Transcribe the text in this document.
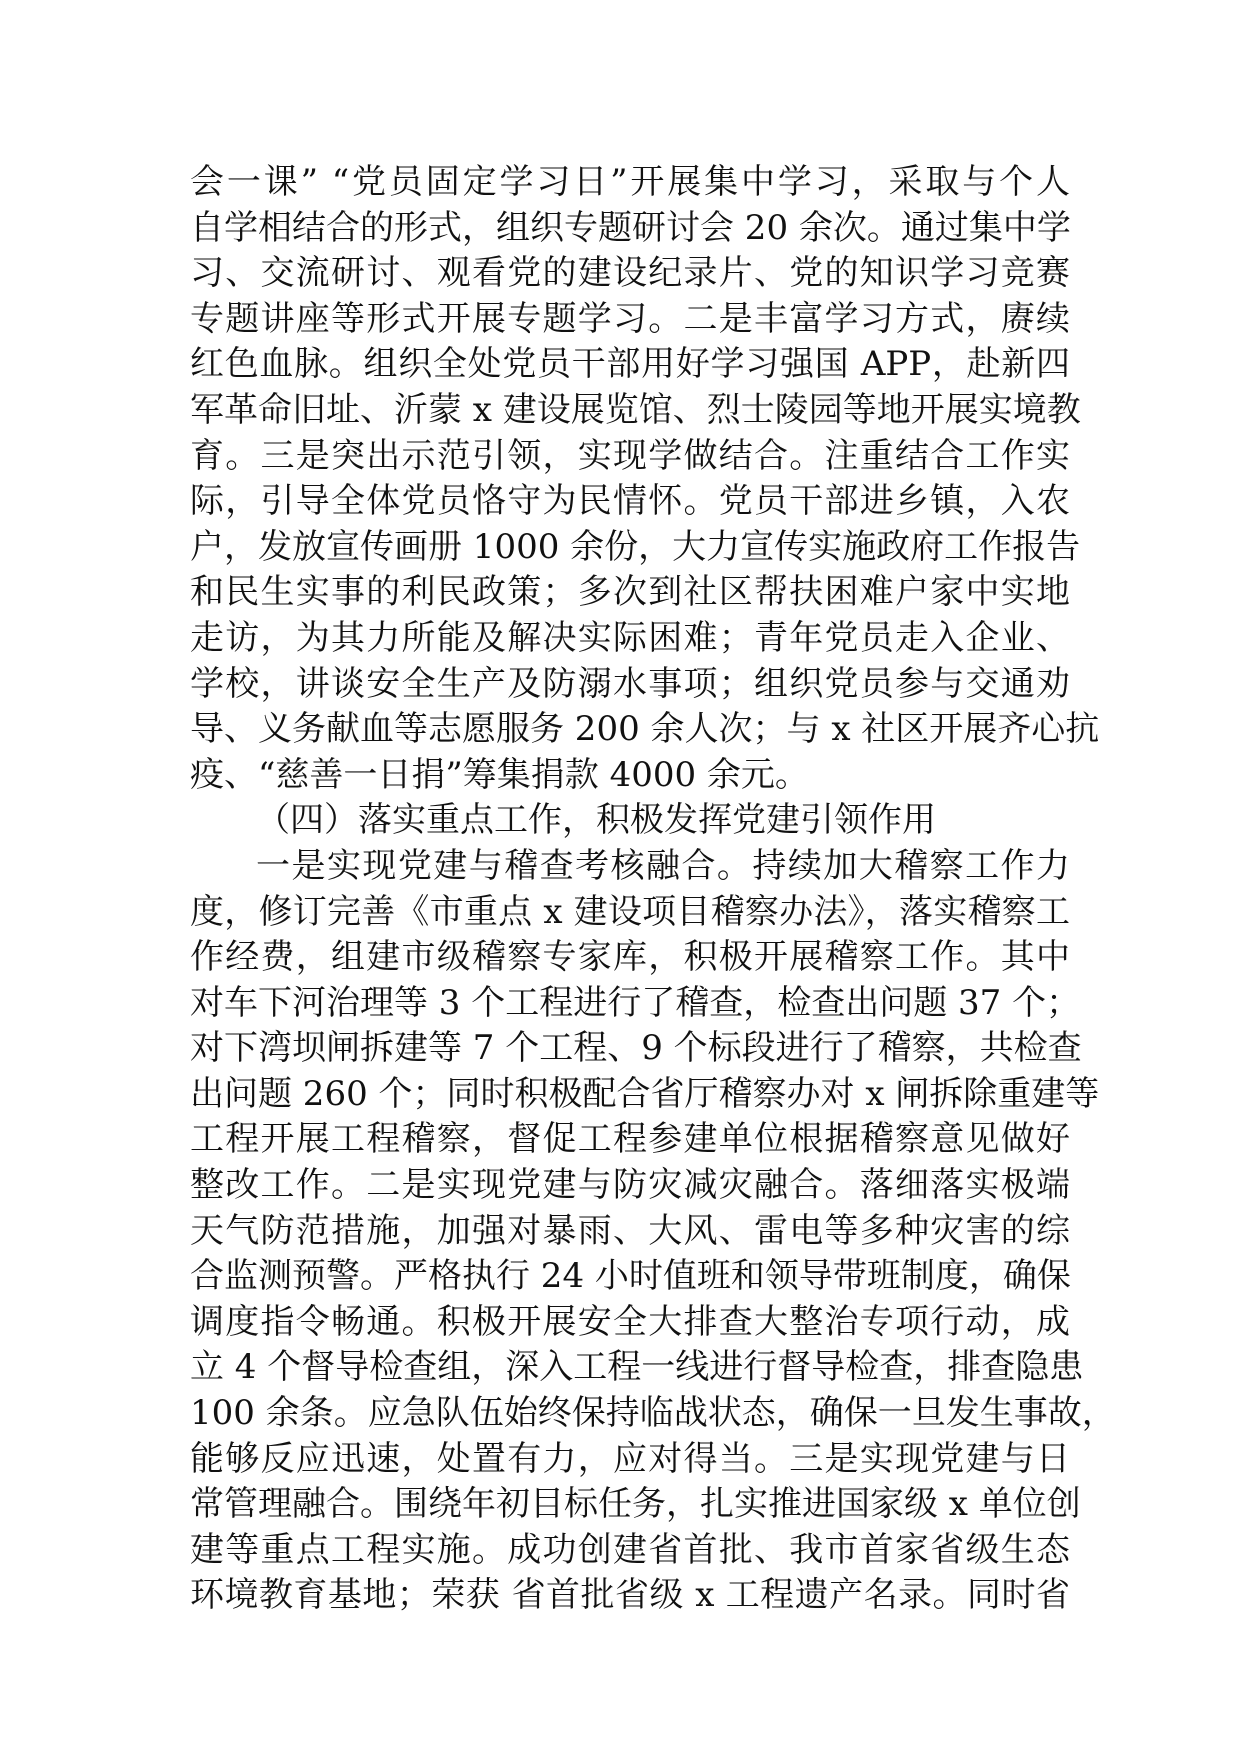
会一课” “党员固定学习日”开展集中学习，采取与个人
自学相结合的形式，组织专题研讨会 20 余次。通过集中学
习、交流研讨、观看党的建设纪录片、党的知识学习竞赛
专题讲座等形式开展专题学习。二是丰富学习方式，赓续
红色血脉。组织全处党员干部用好学习强国 APP，赴新四
军革命旧址、沂蒙 x 建设展览馆、烈士陵园等地开展实境教
育。三是突出示范引领，实现学做结合。注重结合工作实
际，引导全体党员恪守为民情怀。党员干部进乡镇，入农
户，发放宣传画册 1000 余份，大力宣传实施政府工作报告
和民生实事的利民政策；多次到社区帮扶困难户家中实地
走访，为其力所能及解决实际困难；青年党员走入企业、
学校，讲谈安全生产及防溺水事项；组织党员参与交通劝
导、义务献血等志愿服务 200 余人次；与 x 社区开展齐心抗
疫、“慈善一日捐”筹集捐款 4000 余元。
（四）落实重点工作，积极发挥党建引领作用
一是实现党建与稽查考核融合。持续加大稽察工作力
度，修订完善《市重点 x 建设项目稽察办法》，落实稽察工
作经费，组建市级稽察专家库，积极开展稽察工作。其中
对车下河治理等 3 个工程进行了稽查，检查出问题 37 个；
对下湾坝闸拆建等 7 个工程、9 个标段进行了稽察，共检查
出问题 260 个；同时积极配合省厅稽察办对 x 闸拆除重建等
工程开展工程稽察，督促工程参建单位根据稽察意见做好
整改工作。二是实现党建与防灾减灾融合。落细落实极端
天气防范措施，加强对暴雨、大风、雷电等多种灾害的综
合监测预警。严格执行 24 小时值班和领导带班制度，确保
调度指令畅通。积极开展安全大排查大整治专项行动，成
立 4 个督导检查组，深入工程一线进行督导检查，排查隐患
100 余条。应急队伍始终保持临战状态，确保一旦发生事故，
能够反应迅速，处置有力，应对得当。三是实现党建与日
常管理融合。围绕年初目标任务，扎实推进国家级 x 单位创
建等重点工程实施。成功创建省首批、我市首家省级生态
环境教育基地；荣获 省首批省级 x 工程遗产名录。同时省
